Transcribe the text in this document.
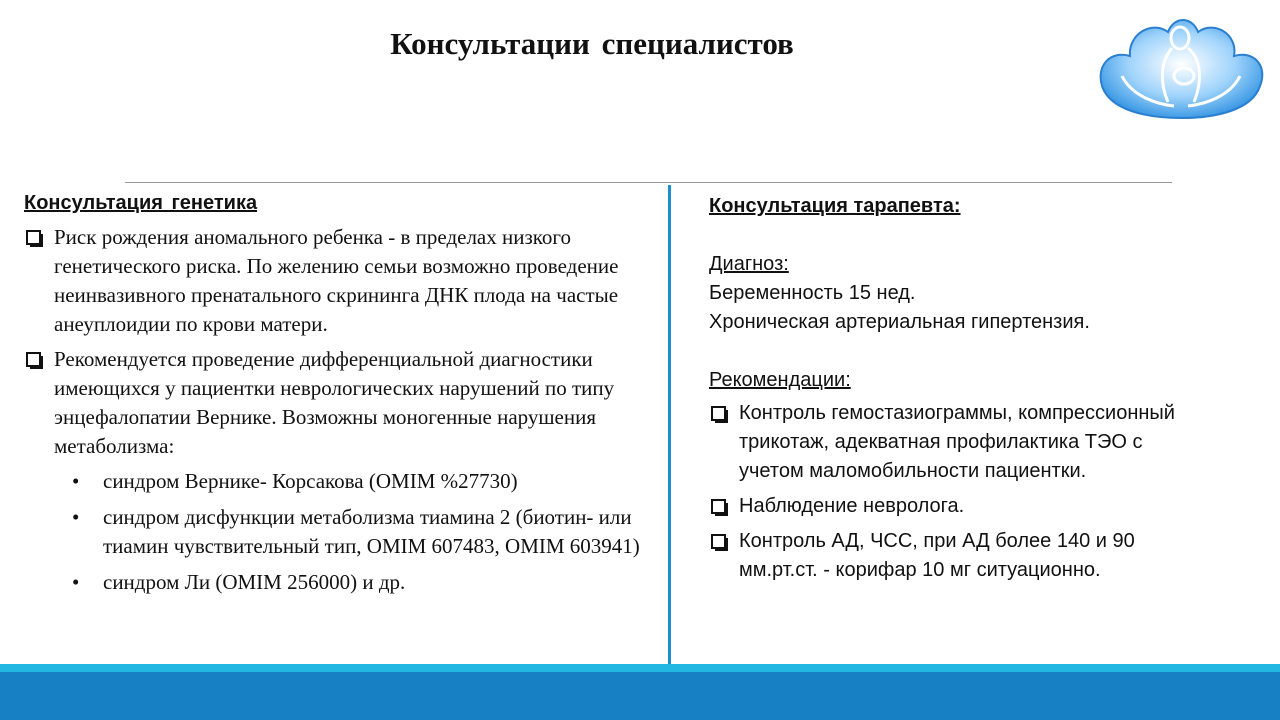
Консультации специалистов
Консультация генетика
Риск рождения аномального ребенка - в пределах низкого генетического риска. По желению семьи возможно проведение неинвазивного пренатального скрининга ДНК плода на частые анеуплоидии по крови матери.
Рекомендуется проведение дифференциальной диагностики имеющихся у пациентки неврологических нарушений по типу энцефалопатии Вернике. Возможны моногенные нарушения метаболизма:
• синдром Вернике- Корсакова (OMIM %27730)
• синдром дисфункции метаболизма тиамина 2 (биотин- или тиамин чувствительный тип, OMIM 607483, OMIM 603941)
• синдром Ли (OMIM 256000) и др.
Консультация тарапевта:
Диагноз:
Беременность 15 нед.
Хроническая артериальная гипертензия.
Рекомендации:
Контроль гемостазиограммы, компрессионный трикотаж, адекватная профилактика ТЭО с учетом маломобильности пациентки.
Наблюдение невролога.
Контроль АД, ЧСС, при АД более 140 и 90 мм.рт.ст. - корифар 10 мг ситуационно.
